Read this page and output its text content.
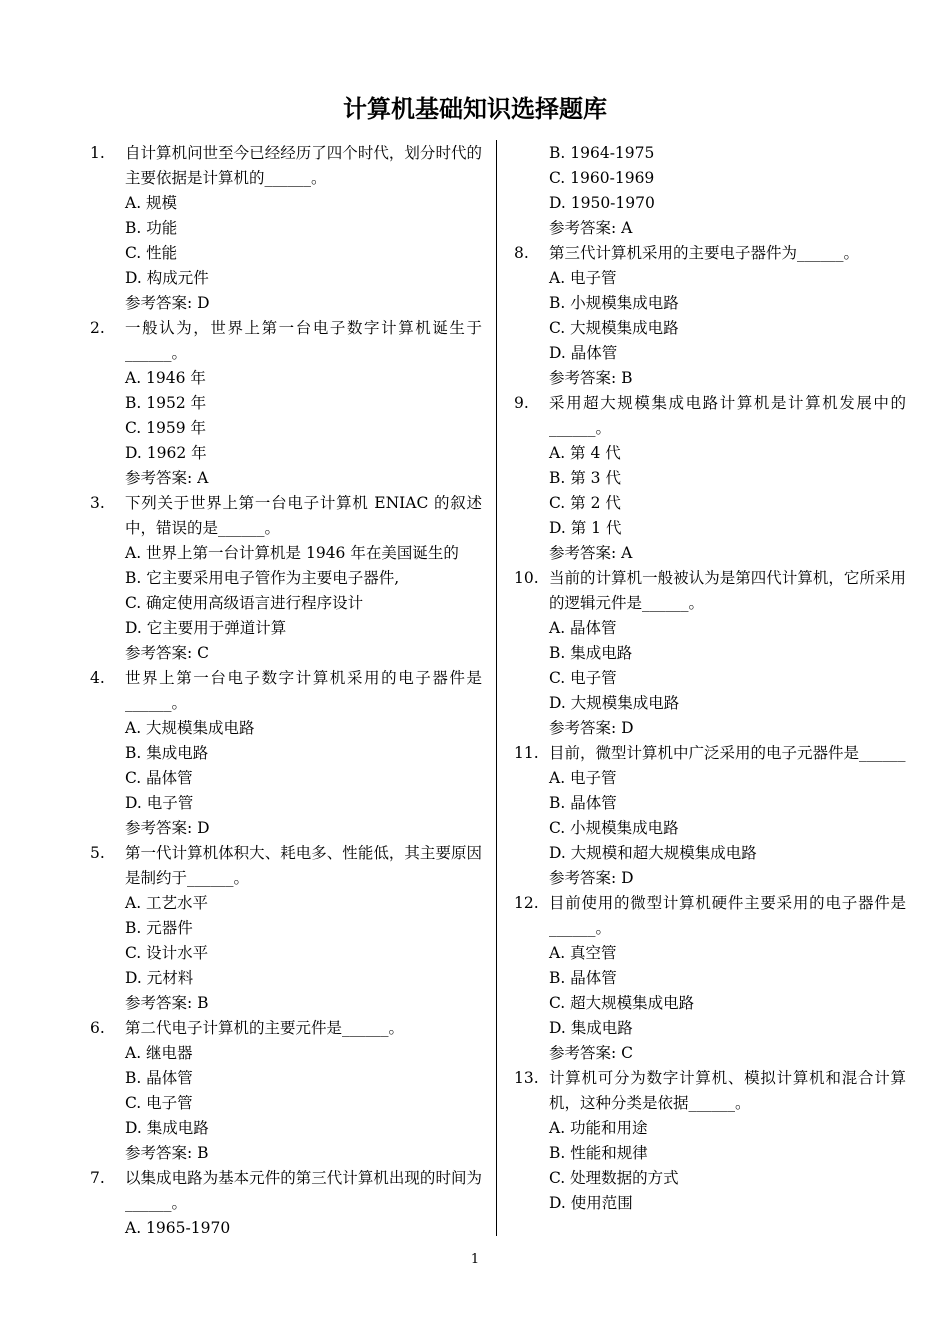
计算机基础知识选择题库
1. 自计算机问世至今已经经历了四个时代，划分时代的主要依据是计算机的______。
A. 规模
B. 功能
C. 性能
D. 构成元件
参考答案: D
2. 一般认为，世界上第一台电子数字计算机诞生于______。
A. 1946 年
B. 1952 年
C. 1959 年
D. 1962 年
参考答案: A
3. 下列关于世界上第一台电子计算机 ENIAC 的叙述中，错误的是______。
A. 世界上第一台计算机是 1946 年在美国诞生的
B. 它主要采用电子管作为主要电子器件,
C. 确定使用高级语言进行程序设计
D. 它主要用于弹道计算
参考答案: C
4. 世界上第一台电子数字计算机采用的电子器件是______。
A. 大规模集成电路
B. 集成电路
C. 晶体管
D. 电子管
参考答案: D
5. 第一代计算机体积大、耗电多、性能低，其主要原因是制约于______。
A. 工艺水平
B. 元器件
C. 设计水平
D. 元材料
参考答案: B
6. 第二代电子计算机的主要元件是______。
A. 继电器
B. 晶体管
C. 电子管
D. 集成电路
参考答案: B
7. 以集成电路为基本元件的第三代计算机出现的时间为______。
A. 1965-1970
B. 1964-1975
C. 1960-1969
D. 1950-1970
参考答案: A
8. 第三代计算机采用的主要电子器件为______。
A. 电子管
B. 小规模集成电路
C. 大规模集成电路
D. 晶体管
参考答案: B
9. 采用超大规模集成电路计算机是计算机发展中的______。
A. 第 4 代
B. 第 3 代
C. 第 2 代
D. 第 1 代
参考答案: A
10. 当前的计算机一般被认为是第四代计算机，它所采用的逻辑元件是______。
A. 晶体管
B. 集成电路
C. 电子管
D. 大规模集成电路
参考答案: D
11. 目前，微型计算机中广泛采用的电子元器件是______
A. 电子管
B. 晶体管
C. 小规模集成电路
D. 大规模和超大规模集成电路
参考答案: D
12. 目前使用的微型计算机硬件主要采用的电子器件是______。
A. 真空管
B. 晶体管
C. 超大规模集成电路
D. 集成电路
参考答案: C
13. 计算机可分为数字计算机、模拟计算机和混合计算机，这种分类是依据______。
A. 功能和用途
B. 性能和规律
C. 处理数据的方式
D. 使用范围
1
